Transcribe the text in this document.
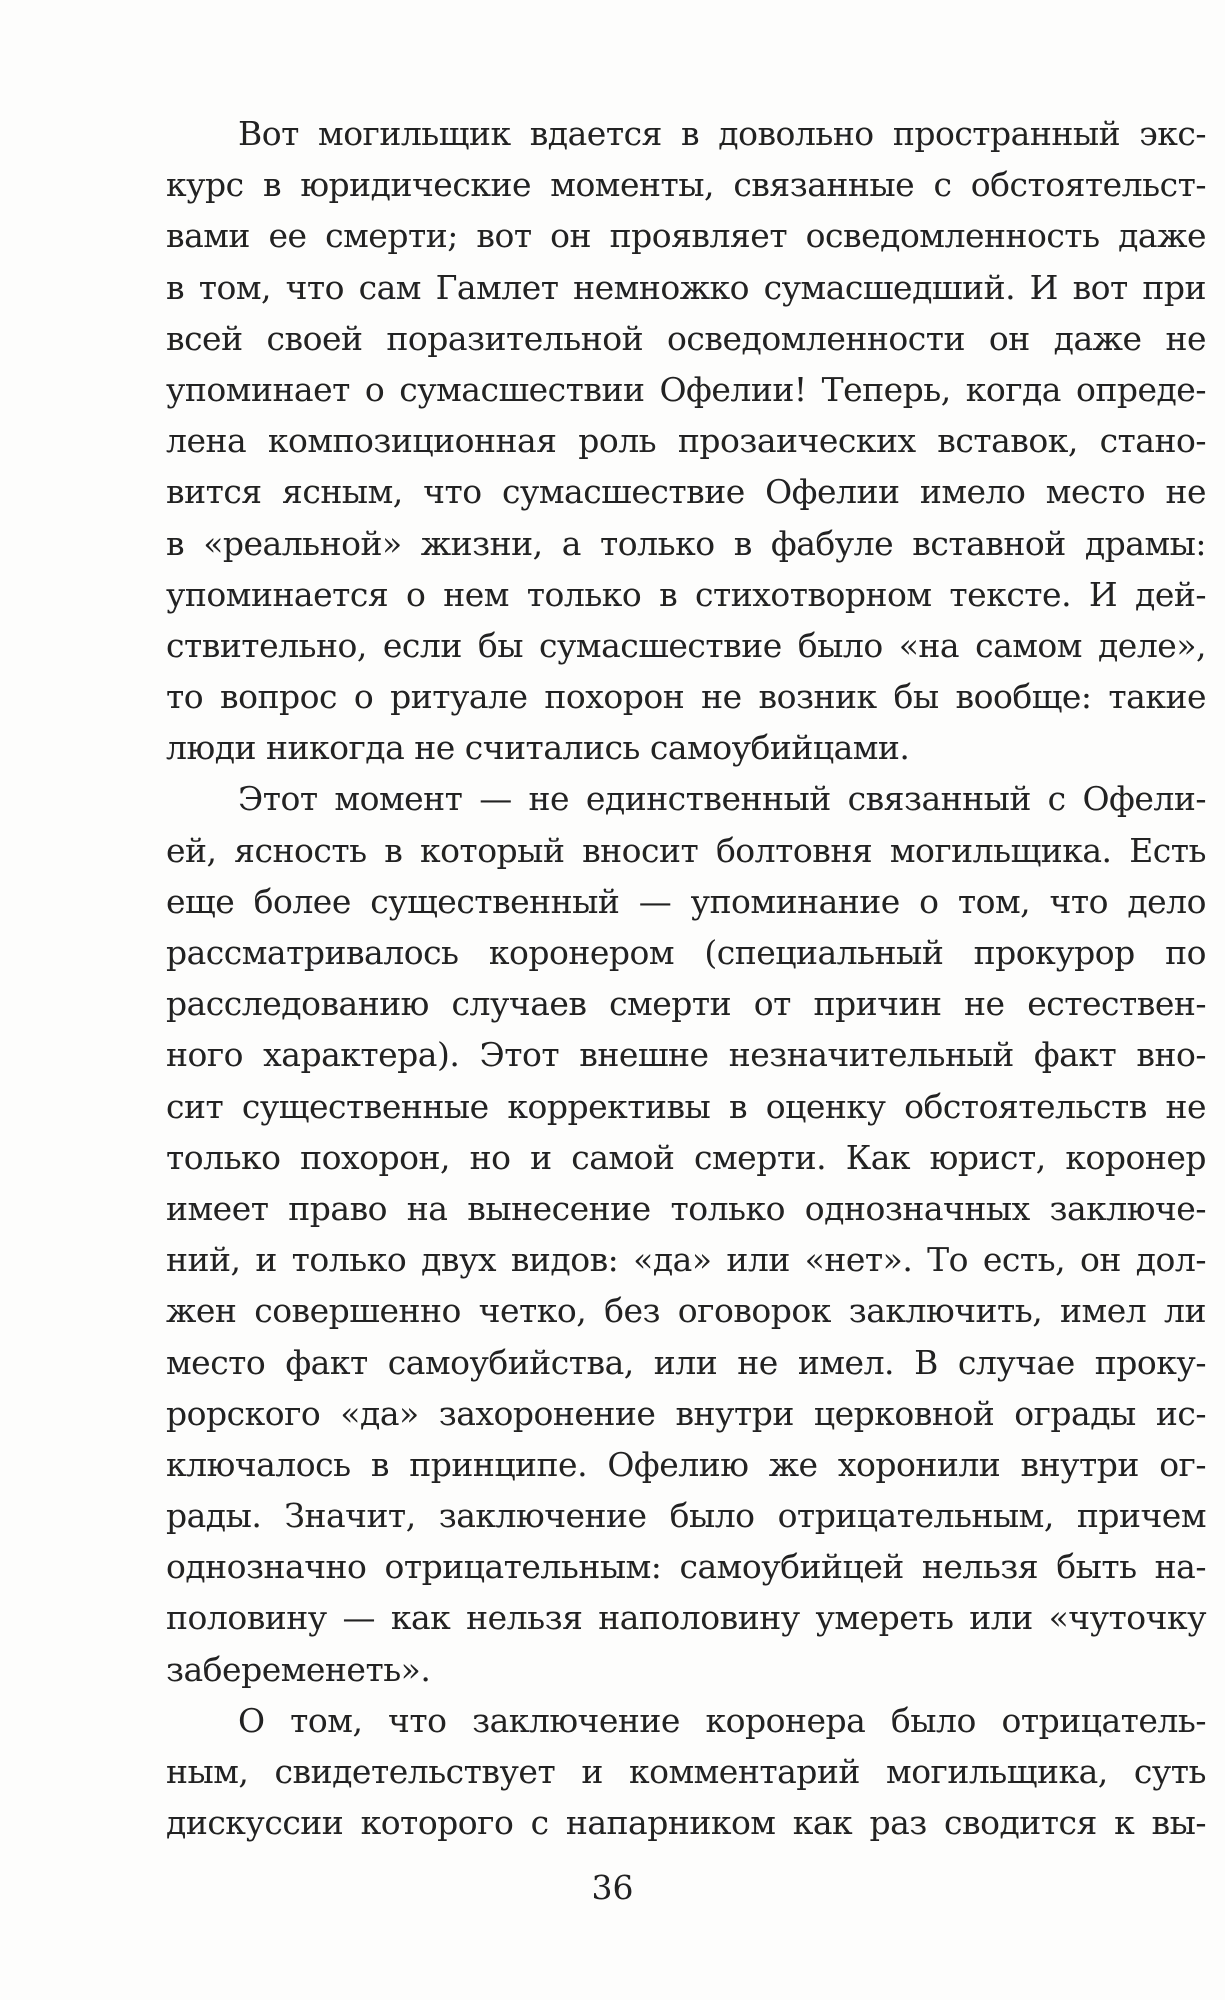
Вот могильщик вдается в довольно пространный экс-
курс в юридические моменты, связанные с обстоятельст-
вами ее смерти; вот он проявляет осведомленность даже
в том, что сам Гамлет немножко сумасшедший. И вот при
всей своей поразительной осведомленности он даже не
упоминает о сумасшествии Офелии! Теперь, когда опреде-
лена композиционная роль прозаических вставок, стано-
вится ясным, что сумасшествие Офелии имело место не
в «реальной» жизни, а только в фабуле вставной драмы:
упоминается о нем только в стихотворном тексте. И дей-
ствительно, если бы сумасшествие было «на самом деле»,
то вопрос о ритуале похорон не возник бы вообще: такие
люди никогда не считались самоубийцами.
Этот момент — не единственный связанный с Офели-
ей, ясность в который вносит болтовня могильщика. Есть
еще более существенный — упоминание о том, что дело
рассматривалось коронером (специальный прокурор по
расследованию случаев смерти от причин не естествен-
ного характера). Этот внешне незначительный факт вно-
сит существенные коррективы в оценку обстоятельств не
только похорон, но и самой смерти. Как юрист, коронер
имеет право на вынесение только однозначных заключе-
ний, и только двух видов: «да» или «нет». То есть, он дол-
жен совершенно четко, без оговорок заключить, имел ли
место факт самоубийства, или не имел. В случае проку-
рорского «да» захоронение внутри церковной ограды ис-
ключалось в принципе. Офелию же хоронили внутри ог-
рады. Значит, заключение было отрицательным, причем
однозначно отрицательным: самоубийцей нельзя быть на-
половину — как нельзя наполовину умереть или «чуточку
забеременеть».
О том, что заключение коронера было отрицатель-
ным, свидетельствует и комментарий могильщика, суть
дискуссии которого с напарником как раз сводится к вы-
36
